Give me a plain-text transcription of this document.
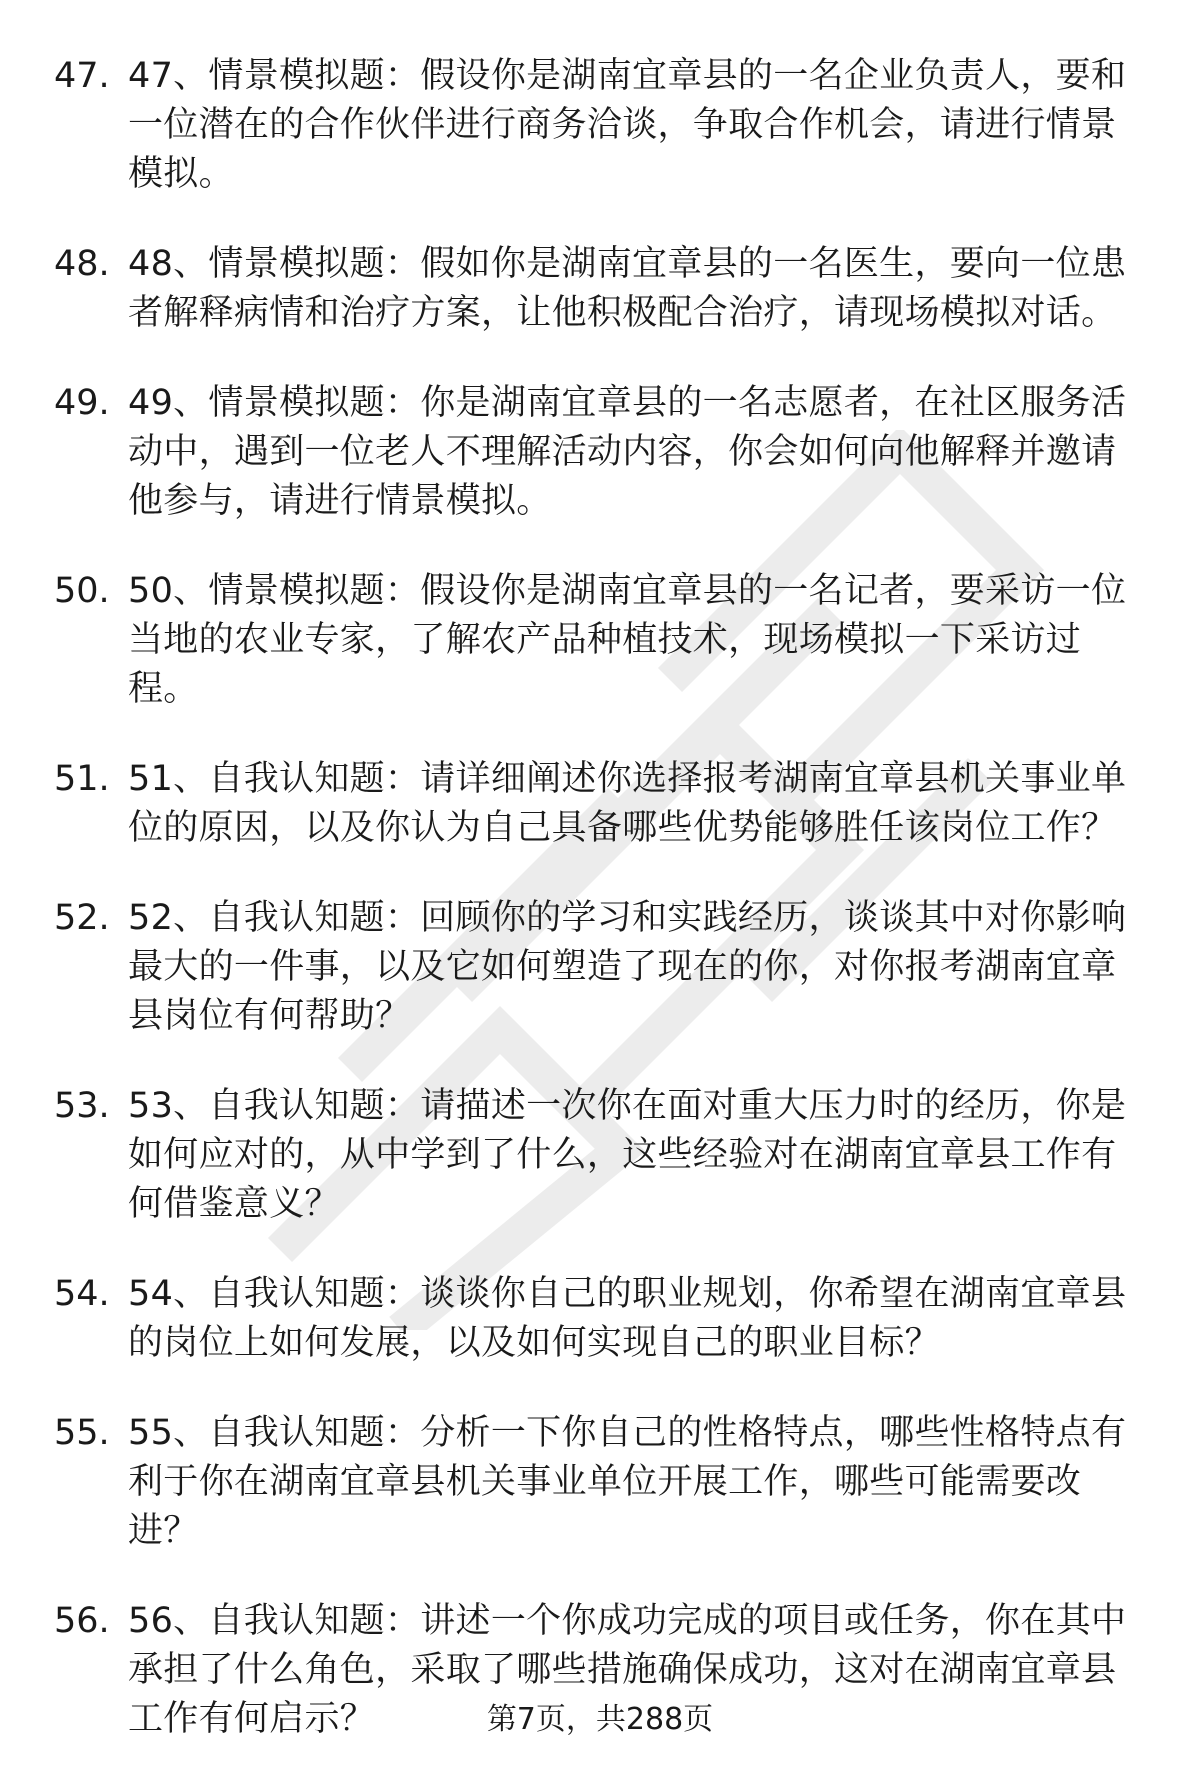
47. 47、情景模拟题：假设你是湖南宜章县的一名企业负责人，要和一位潜在的合作伙伴进行商务洽谈，争取合作机会，请进行情景模拟。
48. 48、情景模拟题：假如你是湖南宜章县的一名医生，要向一位患者解释病情和治疗方案，让他积极配合治疗，请现场模拟对话。
49. 49、情景模拟题：你是湖南宜章县的一名志愿者，在社区服务活动中，遇到一位老人不理解活动内容，你会如何向他解释并邀请他参与，请进行情景模拟。
50. 50、情景模拟题：假设你是湖南宜章县的一名记者，要采访一位当地的农业专家，了解农产品种植技术，现场模拟一下采访过程。
51. 51、自我认知题：请详细阐述你选择报考湖南宜章县机关事业单位的原因，以及你认为自己具备哪些优势能够胜任该岗位工作？
52. 52、自我认知题：回顾你的学习和实践经历，谈谈其中对你影响最大的一件事，以及它如何塑造了现在的你，对你报考湖南宜章县岗位有何帮助？
53. 53、自我认知题：请描述一次你在面对重大压力时的经历，你是如何应对的，从中学到了什么，这些经验对在湖南宜章县工作有何借鉴意义？
54. 54、自我认知题：谈谈你自己的职业规划，你希望在湖南宜章县的岗位上如何发展，以及如何实现自己的职业目标？
55. 55、自我认知题：分析一下你自己的性格特点，哪些性格特点有利于你在湖南宜章县机关事业单位开展工作，哪些可能需要改进？
56. 56、自我认知题：讲述一个你成功完成的项目或任务，你在其中承担了什么角色，采取了哪些措施确保成功，这对在湖南宜章县工作有何启示？	第7页，共288页
